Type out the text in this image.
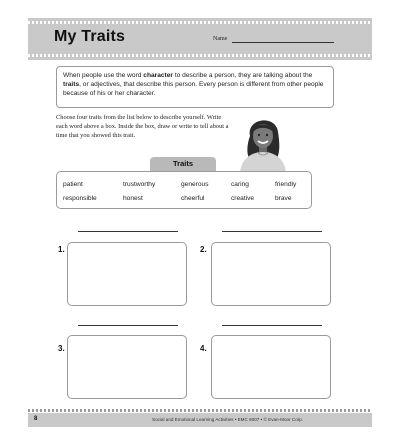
My Traits	Name
When people use the word character to describe a person, they are talking about the traits, or adjectives, that describe this person. Every person is different from other people because of his or her character.
Choose four traits from the list below to describe yourself. Write each word above a box. Inside the box, draw or write to tell about a time that you showed this trait.
Traits
patient	trustworthy	generous	caring	friendly
responsible	honest	cheerful	creative	brave
1.	2.
3.	4.
8	Social and Emotional Learning Activities • EMC 6007 • © Evan-Moor Corp.
